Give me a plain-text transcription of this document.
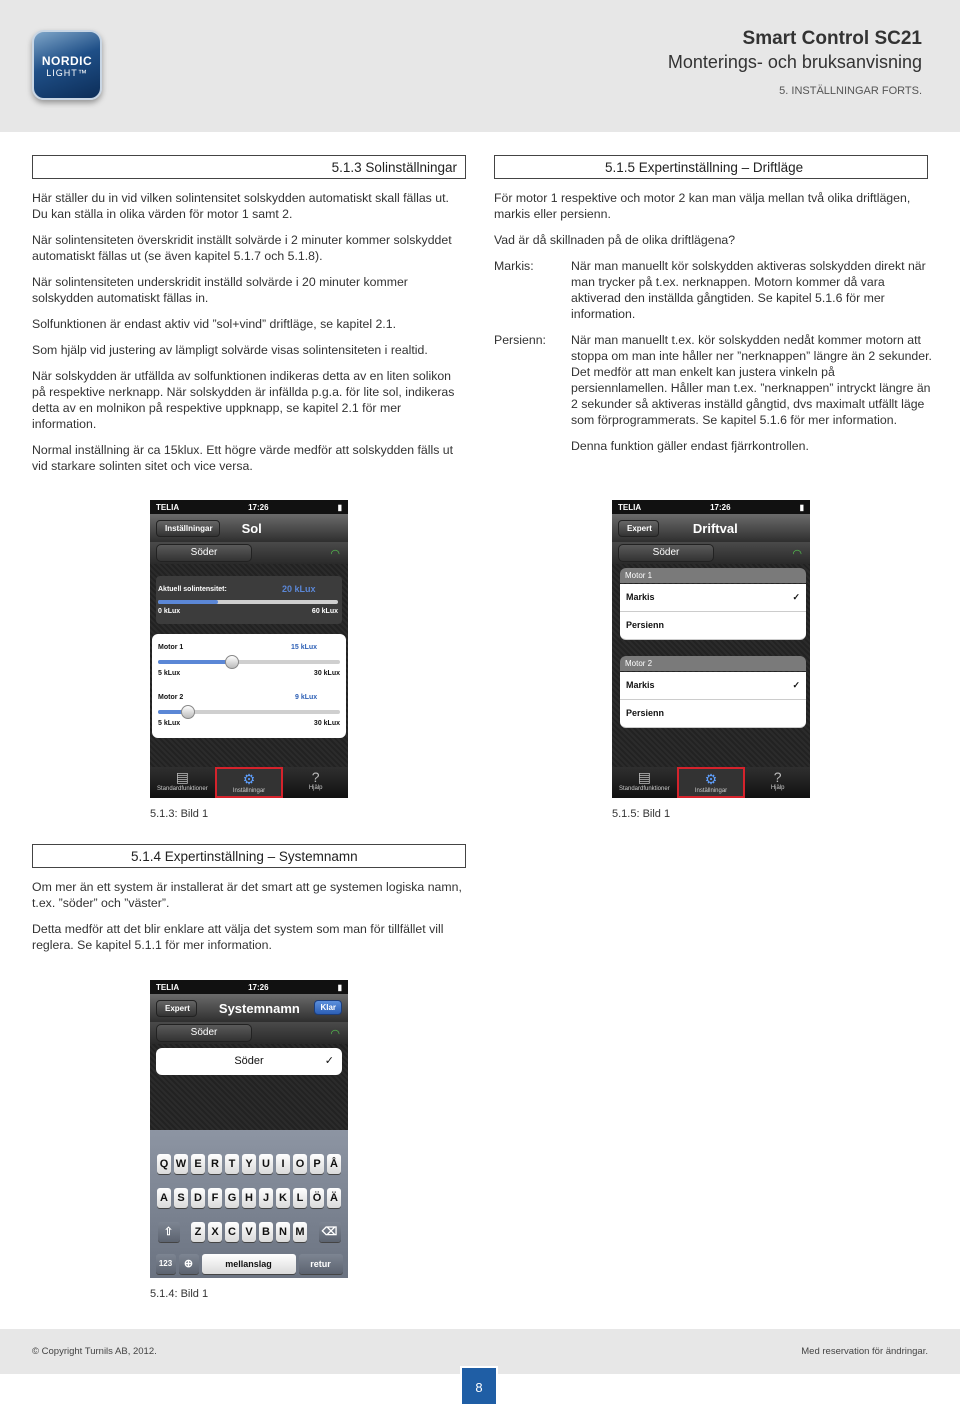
NORDIC
LIGHT™
Smart Control SC21
Monterings- och bruksanvisning
5. INSTÄLLNINGAR FORTS.
5.1.3 Solinställningar
Här ställer du in vid vilken solintensitet solskydden automatiskt skall fällas ut. Du kan ställa in olika värden för motor 1 samt 2.
När solintensiteten överskridit inställt solvärde i 2 minuter kommer solskyddet automatiskt fällas ut (se även kapitel 5.1.7 och 5.1.8).
När solintensiteten underskridit inställd solvärde i 20 minuter kommer solskydden automatiskt fällas in.
Solfunktionen är endast aktiv vid ”sol+vind” driftläge, se kapitel 2.1.
Som hjälp vid justering av lämpligt solvärde visas solintensiteten i realtid.
När solskydden är utfällda av solfunktionen indikeras detta av en liten solikon på respektive nerknapp. När solskydden är infällda p.g.a. för lite sol, indikeras detta av en molnikon på respektive uppknapp, se kapitel 2.1 för mer information.
Normal inställning är ca 15klux. Ett högre värde medför att solskydden fälls ut vid starkare solinten sitet och vice versa.
5.1.5 Expertinställning – Driftläge
För motor 1 respektive och motor 2 kan man välja mellan två olika driftlägen, markis eller persienn.
Vad är då skillnaden på de olika driftlägena?
Markis:	När man manuellt kör solskydden aktiveras solskydden direkt när man trycker på t.ex. nerknappen. Motorn kommer då vara aktiverad den inställda gångtiden. Se kapitel 5.1.6 för mer information.
Persienn:	När man manuellt t.ex. kör solskydden nedåt kommer motorn att stoppa om man inte håller ner ”nerknappen” längre än 2 sekunder. Det medför att man enkelt kan justera vinkeln på persiennlamellen. Håller man t.ex. ”nerknappen” intryckt längre än 2 sekunder så aktiveras inställd gångtid, dvs maximalt utfällt läge som förprogrammerats. Se kapitel 5.1.6 för mer information.
Denna funktion gäller endast fjärrkontrollen.
TELIA	17:26	▮
Inställningar	Sol
Söder	◠
Aktuell solintensitet:	20 kLux
0 kLux	60 kLux
Motor 1	15 kLux
5 kLux	30 kLux
Motor 2	9 kLux
5 kLux	30 kLux
▤
Standardfunktioner
⚙
Inställningar
?
Hjälp
5.1.3: Bild 1
TELIA	17:26	▮
Expert	Driftval
Söder	◠
Motor 1
Markis	✓
Persienn
Motor 2
Markis	✓
Persienn
▤
Standardfunktioner
⚙
Inställningar
?
Hjälp
5.1.5: Bild 1
5.1.4 Expertinställning – Systemnamn
Om mer än ett system är installerat är det smart att ge systemen logiska namn, t.ex. ”söder” och ”väster”.
Detta medför att det blir enklare att välja det system som man för tillfället vill reglera. Se kapitel 5.1.1 för mer information.
TELIA	17:26	▮
Expert	Systemnamn	Klar
Söder	◠
Söder	✓
Q W E R T Y U	I	O P Å
A S D F G H J K L Ö Ä
⇧	Z X C V B N M ⌫
123	⊕	mellanslag	retur
5.1.4: Bild 1
© Copyright Turnils AB, 2012.	Med reservation för ändringar.
8
